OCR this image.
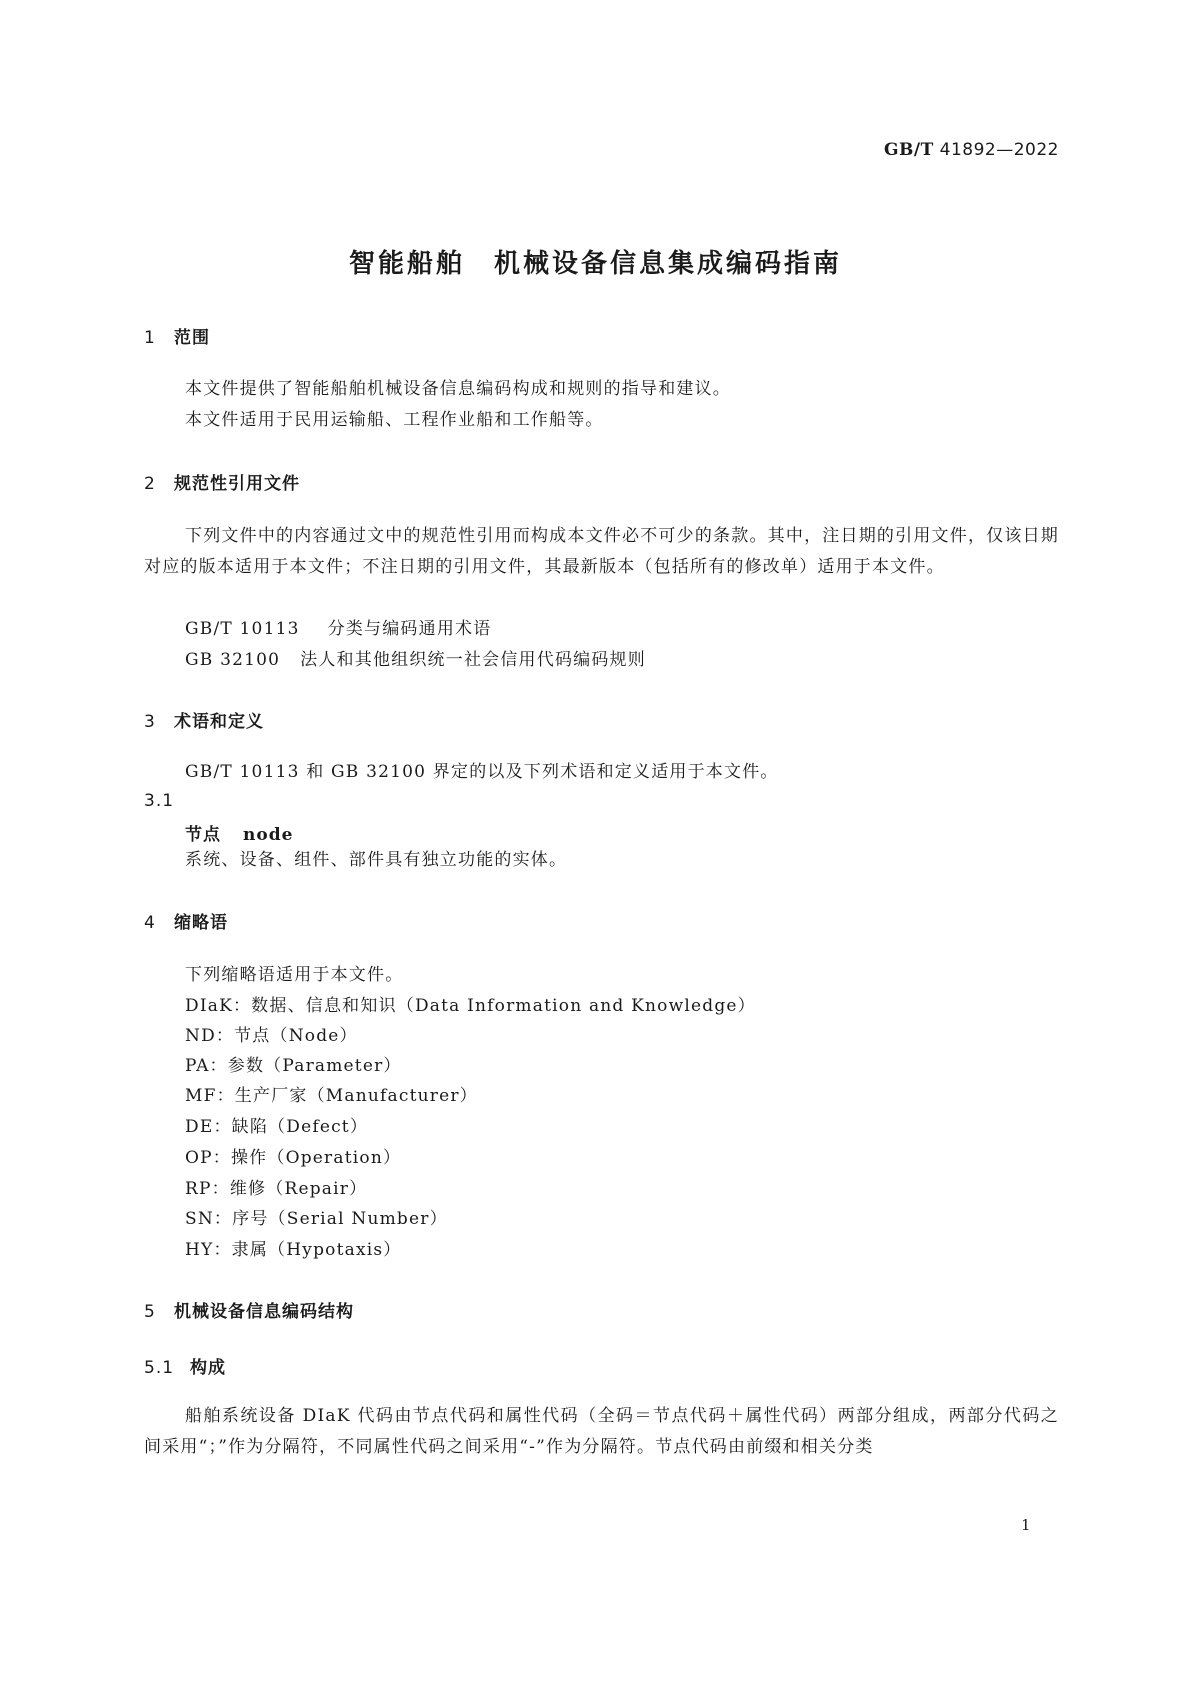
GB/T 41892—2022
智能船舶　机械设备信息集成编码指南
1 范围
本文件提供了智能船舶机械设备信息编码构成和规则的指导和建议。
本文件适用于民用运输船、工程作业船和工作船等。
2 规范性引用文件
下列文件中的内容通过文中的规范性引用而构成本文件必不可少的条款。其中，注日期的引用文件，仅该日期对应的版本适用于本文件；不注日期的引用文件，其最新版本（包括所有的修改单）适用于本文件。
GB/T 10113 分类与编码通用术语
GB 32100 法人和其他组织统一社会信用代码编码规则
3 术语和定义
GB/T 10113 和 GB 32100 界定的以及下列术语和定义适用于本文件。
3.1
节点 node
系统、设备、组件、部件具有独立功能的实体。
4 缩略语
下列缩略语适用于本文件。
DIaK：数据、信息和知识（Data Information and Knowledge）
ND：节点（Node）
PA：参数（Parameter）
MF：生产厂家（Manufacturer）
DE：缺陷（Defect）
OP：操作（Operation）
RP：维修（Repair）
SN：序号（Serial Number）
HY：隶属（Hypotaxis）
5 机械设备信息编码结构
5.1 构成
船舶系统设备 DIaK 代码由节点代码和属性代码（全码＝节点代码＋属性代码）两部分组成，两部分代码之间采用“；”作为分隔符，不同属性代码之间采用“-”作为分隔符。节点代码由前缀和相关分类
1
